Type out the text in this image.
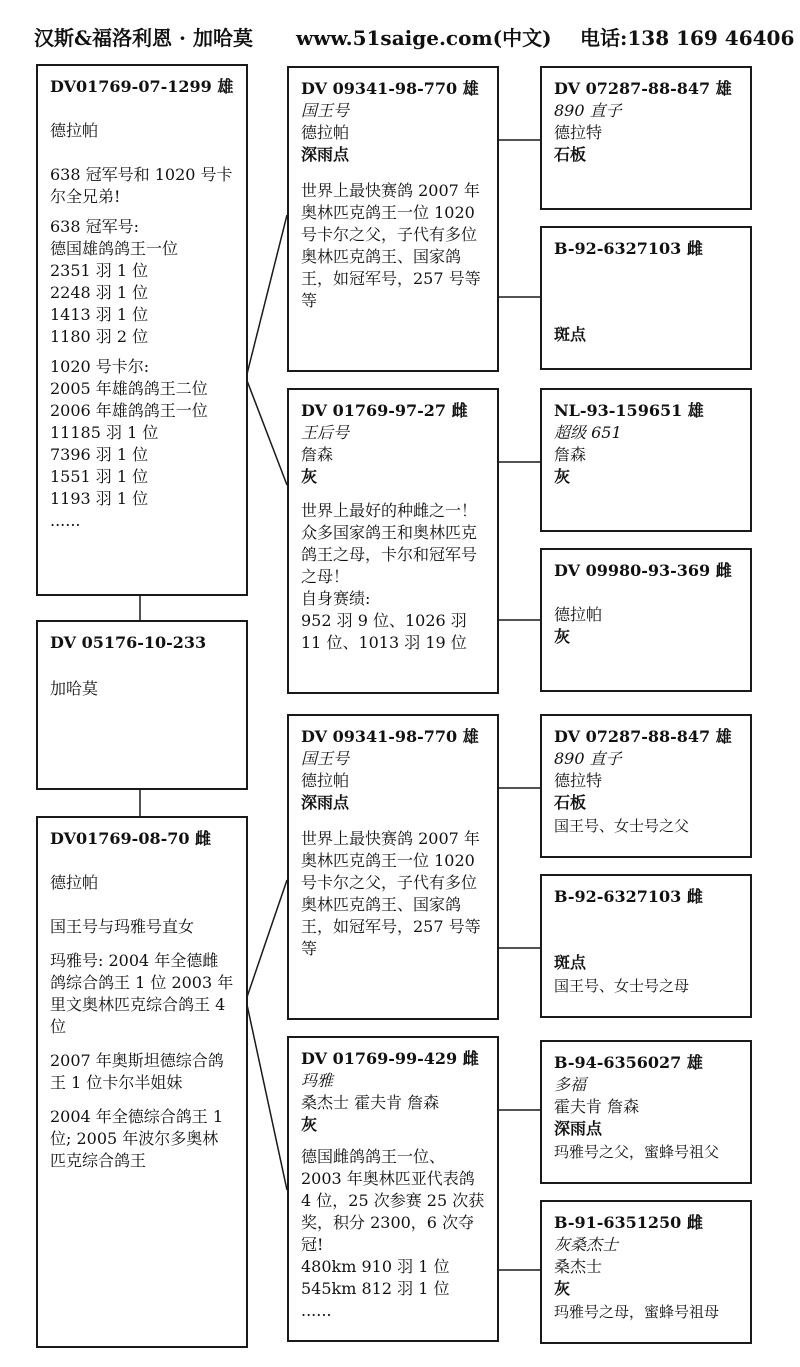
汉斯&福洛利恩 · 加哈莫 www.51saige.com(中文) 电话:138 169 46406
DV01769-07-1299 雄
德拉帕
638 冠军号和 1020 号卡尔全兄弟!
638 冠军号:
德国雄鸽鸽王一位
2351 羽 1 位
2248 羽 1 位
1413 羽 1 位
1180 羽 2 位
1020 号卡尔:
2005 年雄鸽鸽王二位
2006 年雄鸽鸽王一位
11185 羽 1 位
7396 羽 1 位
1551 羽 1 位
1193 羽 1 位
......
DV 05176-10-233
加哈莫
DV01769-08-70 雌
德拉帕
国王号与玛雅号直女
玛雅号: 2004 年全德雌鸽综合鸽王 1 位 2003 年里文奥林匹克综合鸽王 4 位
2007 年奥斯坦德综合鸽王 1 位卡尔半姐妹
2004 年全德综合鸽王 1 位; 2005 年波尔多奥林匹克综合鸽王
DV 09341-98-770 雄
国王号
德拉帕
深雨点
世界上最快赛鸽 2007 年奥林匹克鸽王一位 1020 号卡尔之父，子代有多位奥林匹克鸽王、国家鸽王，如冠军号，257 号等等
DV 01769-97-27 雌
王后号
詹森
灰
世界上最好的种雌之一！众多国家鸽王和奥林匹克鸽王之母，卡尔和冠军号之母！
自身赛绩:
952 羽 9 位、1026 羽 11 位、1013 羽 19 位
DV 09341-98-770 雄
国王号
德拉帕
深雨点
世界上最快赛鸽 2007 年奥林匹克鸽王一位 1020 号卡尔之父，子代有多位奥林匹克鸽王、国家鸽王，如冠军号，257 号等等
DV 01769-99-429 雌
玛雅
桑杰士 霍夫肯 詹森
灰
德国雌鸽鸽王一位、2003 年奥林匹亚代表鸽 4 位，25 次参赛 25 次获奖，积分 2300，6 次夺冠!
480km 910 羽 1 位
545km 812 羽 1 位
......
DV 07287-88-847 雄
890 直子
德拉特
石板
B-92-6327103 雌
斑点
NL-93-159651 雄
超级 651
詹森
灰
DV 09980-93-369 雌
德拉帕
灰
DV 07287-88-847 雄
890 直子
德拉特
石板
国王号、女士号之父
B-92-6327103 雌
斑点
国王号、女士号之母
B-94-6356027 雄
多福
霍夫肯 詹森
深雨点
玛雅号之父，蜜蜂号祖父
B-91-6351250 雌
灰桑杰士
桑杰士
灰
玛雅号之母，蜜蜂号祖母
